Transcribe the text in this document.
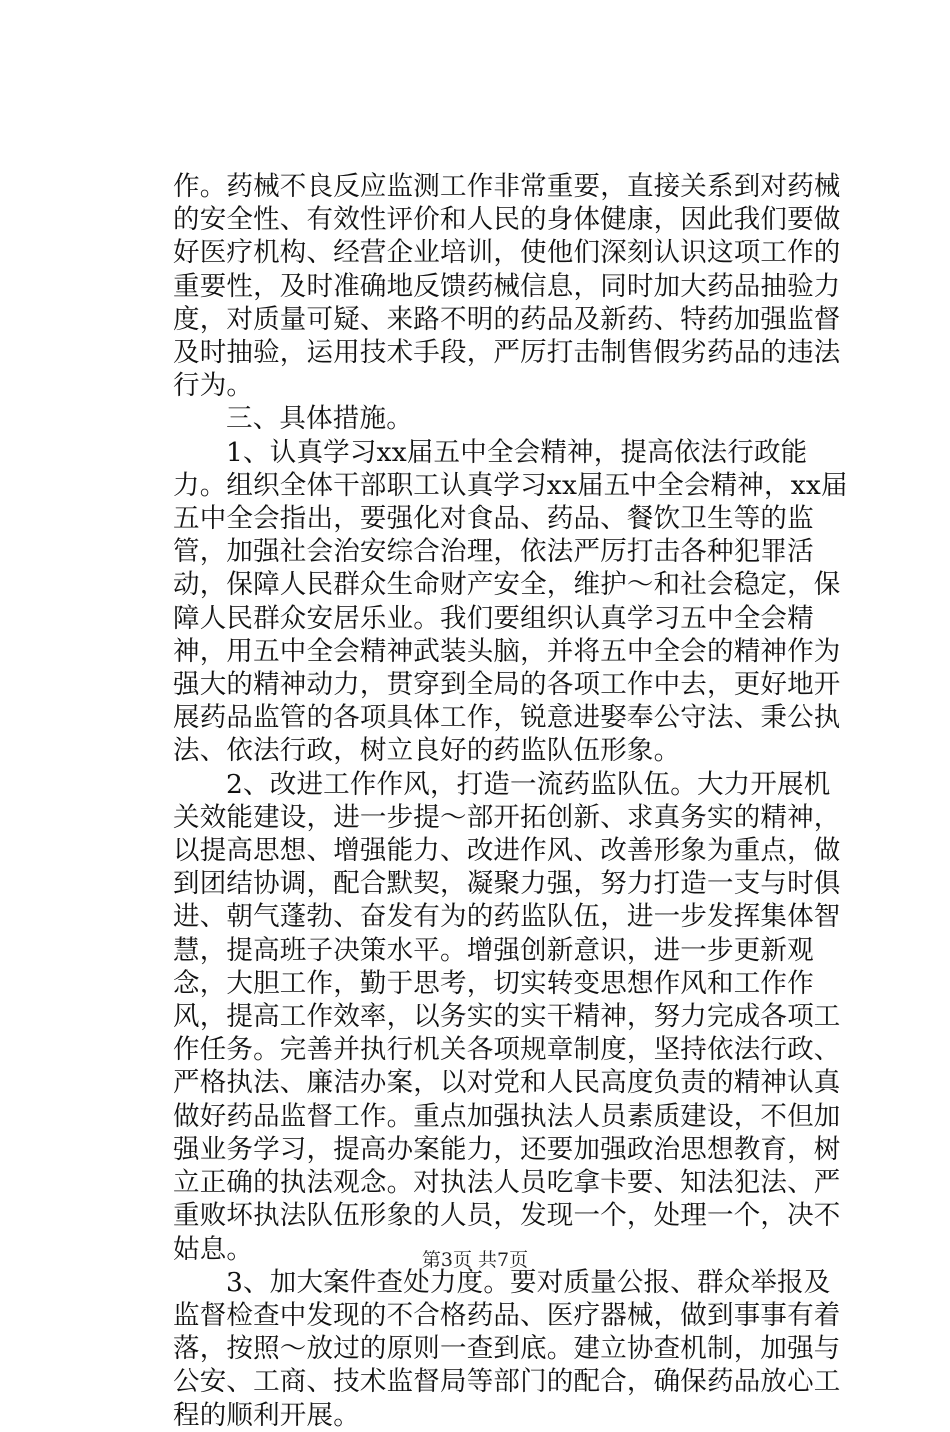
作。药械不良反应监测工作非常重要，直接关系到对药械的安全性、有效性评价和人民的身体健康，因此我们要做好医疗机构、经营企业培训，使他们深刻认识这项工作的重要性，及时准确地反馈药械信息，同时加大药品抽验力度，对质量可疑、来路不明的药品及新药、特药加强监督及时抽验，运用技术手段，严厉打击制售假劣药品的违法行为。

三、具体措施。

1、认真学习xx届五中全会精神，提高依法行政能力。组织全体干部职工认真学习xx届五中全会精神，xx届五中全会指出，要强化对食品、药品、餐饮卫生等的监管，加强社会治安综合治理，依法严厉打击各种犯罪活动，保障人民群众生命财产安全，维护～和社会稳定，保障人民群众安居乐业。我们要组织认真学习五中全会精神，用五中全会精神武装头脑，并将五中全会的精神作为强大的精神动力，贯穿到全局的各项工作中去，更好地开展药品监管的各项具体工作，锐意进娶奉公守法、秉公执法、依法行政，树立良好的药监队伍形象。

2、改进工作作风，打造一流药监队伍。大力开展机关效能建设，进一步提～部开拓创新、求真务实的精神，以提高思想、增强能力、改进作风、改善形象为重点，做到团结协调，配合默契，凝聚力强，努力打造一支与时俱进、朝气蓬勃、奋发有为的药监队伍，进一步发挥集体智慧，提高班子决策水平。增强创新意识，进一步更新观念，大胆工作，勤于思考，切实转变思想作风和工作作风，提高工作效率，以务实的实干精神，努力完成各项工作任务。完善并执行机关各项规章制度，坚持依法行政、严格执法、廉洁办案，以对党和人民高度负责的精神认真做好药品监督工作。重点加强执法人员素质建设，不但加强业务学习，提高办案能力，还要加强政治思想教育，树立正确的执法观念。对执法人员吃拿卡要、知法犯法、严重败坏执法队伍形象的人员，发现一个，处理一个，决不姑息。

3、加大案件查处力度。要对质量公报、群众举报及监督检查中发现的不合格药品、医疗器械，做到事事有着落，按照～放过的原则一查到底。建立协查机制，加强与公安、工商、技术监督局等部门的配合，确保药品放心工程的顺利开展。

第3页 共7页
